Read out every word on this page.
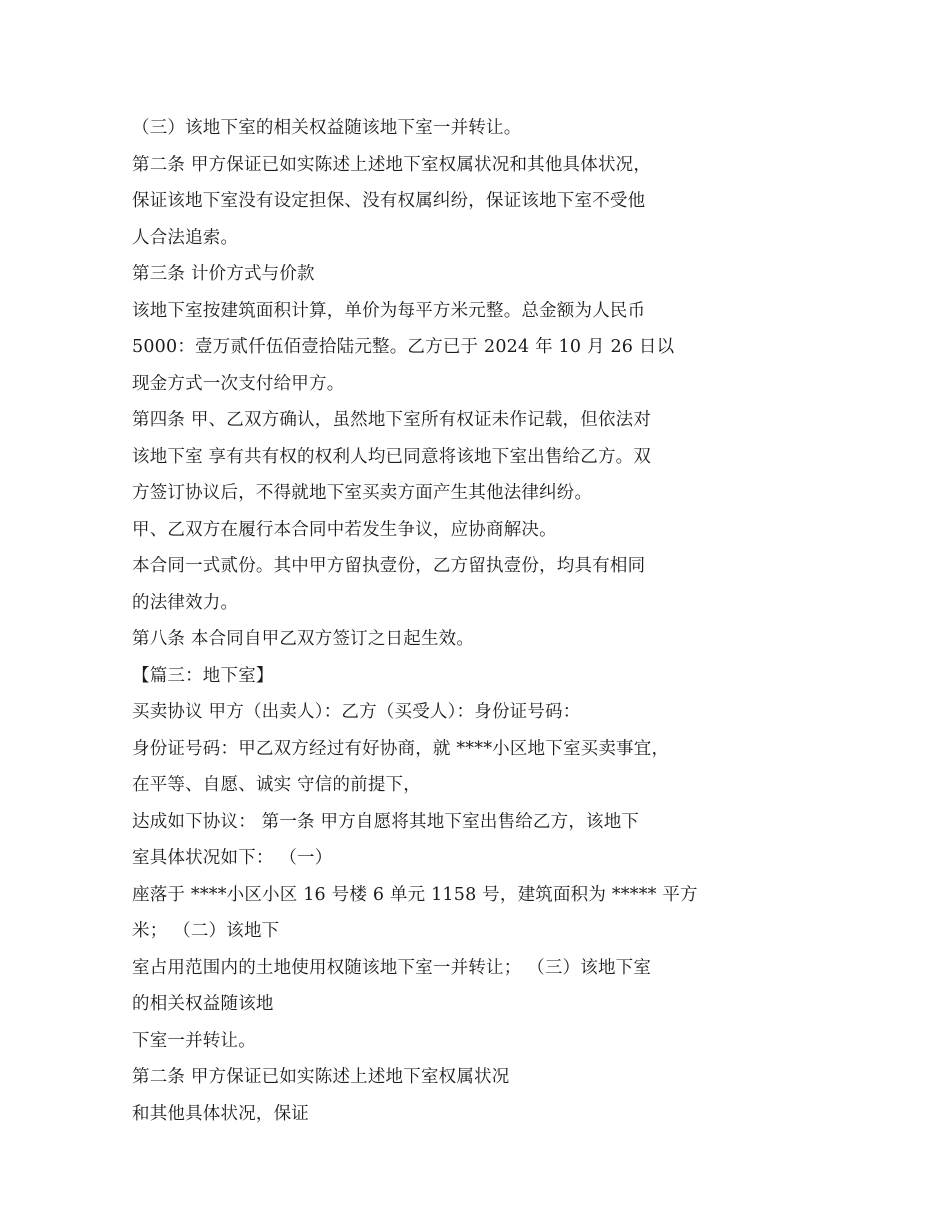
（三）该地下室的相关权益随该地下室一并转让。
第二条 甲方保证已如实陈述上述地下室权属状况和其他具体状况，
保证该地下室没有设定担保、没有权属纠纷，保证该地下室不受他
人合法追索。
第三条 计价方式与价款
该地下室按建筑面积计算，单价为每平方米元整。总金额为人民币
5000：壹万贰仟伍佰壹拾陆元整。乙方已于 2024 年 10 月 26 日以
现金方式一次支付给甲方。
第四条 甲、乙双方确认，虽然地下室所有权证未作记载，但依法对
该地下室 享有共有权的权利人均已同意将该地下室出售给乙方。双
方签订协议后，不得就地下室买卖方面产生其他法律纠纷。
甲、乙双方在履行本合同中若发生争议，应协商解决。
本合同一式贰份。其中甲方留执壹份，乙方留执壹份，均具有相同
的法律效力。
第八条 本合同自甲乙双方签订之日起生效。
【篇三：地下室】
买卖协议 甲方（出卖人）：乙方（买受人）：身份证号码：
身份证号码：甲乙双方经过有好协商，就 ****小区地下室买卖事宜，
在平等、自愿、诚实 守信的前提下，
达成如下协议： 第一条 甲方自愿将其地下室出售给乙方，该地下
室具体状况如下： （一）
座落于 ****小区小区 16 号楼 6 单元 1158 号，建筑面积为 ***** 平方
米； （二）该地下
室占用范围内的土地使用权随该地下室一并转让； （三）该地下室
的相关权益随该地
下室一并转让。
第二条 甲方保证已如实陈述上述地下室权属状况
和其他具体状况，保证
